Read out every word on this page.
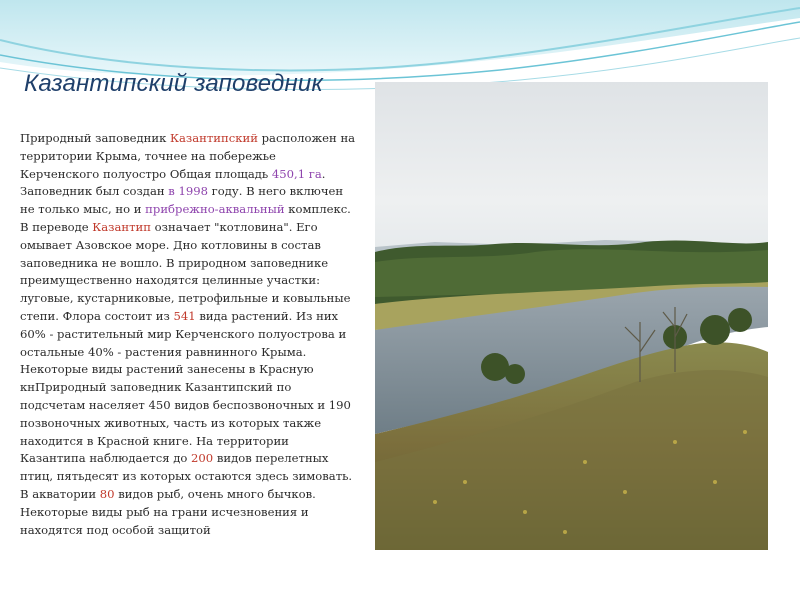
Казантипский заповедник
Природный заповедник Казантипский расположен на территории Крыма, точнее на побережье Керченского полуостро Общая площадь 450,1 га. Заповедник был создан в 1998 году. В него включен не только мыс, но и прибрежно-аквальный комплекс. В переводе Казантип означает "котловина". Его омывает Азовское море. Дно котловины в состав заповедника не вошло. В природном заповеднике преимущественно находятся целинные участки: луговые, кустарниковые, петрофильные и ковыльные степи. Флора состоит из 541 вида растений. Из них 60% - растительный мир Керченского полуострова и остальные 40% - растения равнинного Крыма. Некоторые виды растений занесены в Красную кнПриродный заповедник Казантипский по подсчетам населяет 450 видов беспозвоночных и 190 позвоночных животных, часть из которых также находится в Красной книге. На территории Казантипа наблюдается до 200 видов перелетных птиц, пятьдесят из которых остаются здесь зимовать. В акватории 80 видов рыб, очень много бычков. Некоторые виды рыб на грани исчезновения и находятся под особой защитой
